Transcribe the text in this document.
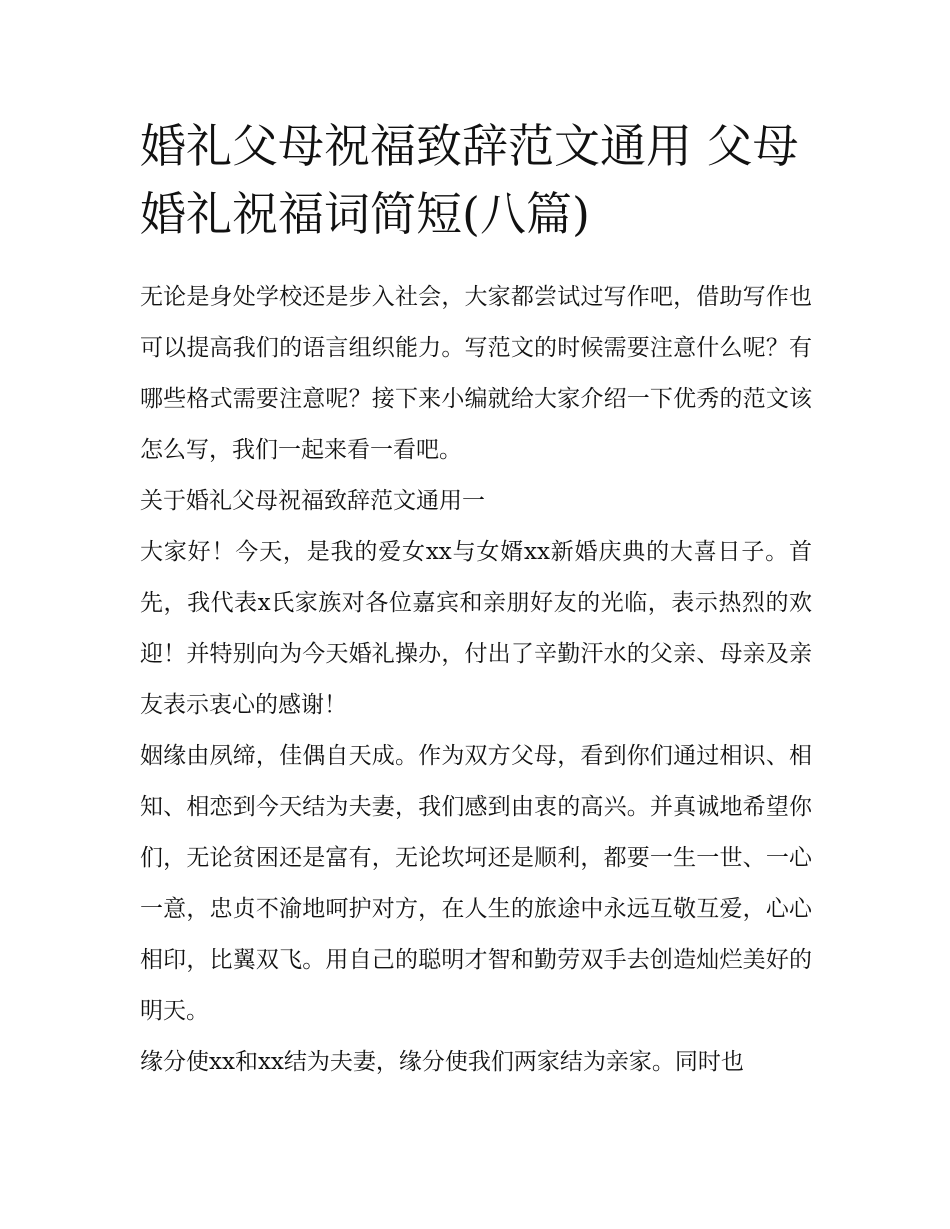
婚礼父母祝福致辞范文通用 父母婚礼祝福词简短(八篇)

无论是身处学校还是步入社会，大家都尝试过写作吧，借助写作也可以提高我们的语言组织能力。写范文的时候需要注意什么呢？有哪些格式需要注意呢？接下来小编就给大家介绍一下优秀的范文该怎么写，我们一起来看一看吧。

关于婚礼父母祝福致辞范文通用一

大家好！今天，是我的爱女xx与女婿xx新婚庆典的大喜日子。首先，我代表x氏家族对各位嘉宾和亲朋好友的光临，表示热烈的欢迎！并特别向为今天婚礼操办，付出了辛勤汗水的父亲、母亲及亲友表示衷心的感谢！

姻缘由夙缔，佳偶自天成。作为双方父母，看到你们通过相识、相知、相恋到今天结为夫妻，我们感到由衷的高兴。并真诚地希望你们，无论贫困还是富有，无论坎坷还是顺利，都要一生一世、一心一意，忠贞不渝地呵护对方，在人生的旅途中永远互敬互爱，心心相印，比翼双飞。用自己的聪明才智和勤劳双手去创造灿烂美好的明天。

缘分使xx和xx结为夫妻，缘分使我们两家结为亲家。同时也
